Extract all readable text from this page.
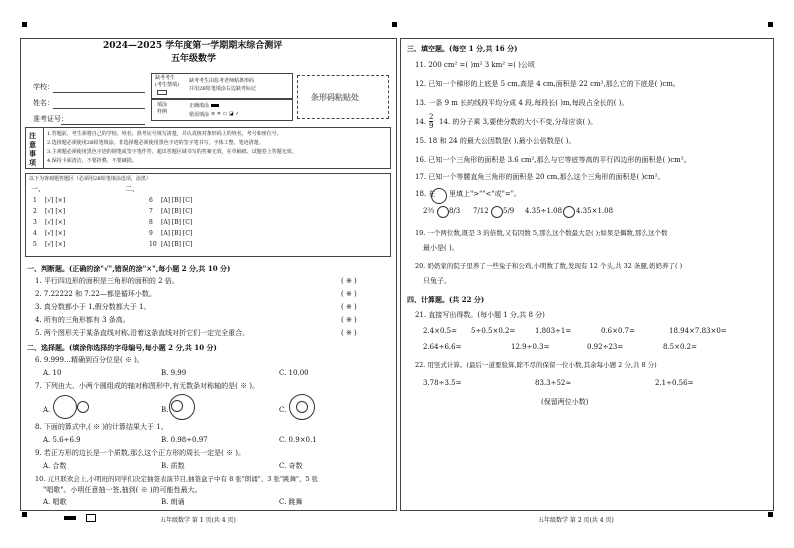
2024—2025 学年度第一学期期末综合测评
五年级数学
学校：
姓名：
准考证号：
缺考考生
(考生禁填)
缺考考生由监考老师贴条形码
并用2B铅笔填涂右边缺考标记
填涂
样例
正确填涂
错误填涂 ⊘ ✕ ▭ ◪ ✓
条形码粘贴处
注
意
事
项
1.答题前，考生须将自己的学校、姓名、准考证号填写清楚，并认真核对条形码上的姓名、考号和座位号。
2.选择题必须使用2B铅笔填涂，非选择题必须使用黑色字迹的签字笔书写，字体工整、笔迹清楚。
3.主观题必须使用黑色字迹的钢笔或签字笔作答，超出答题区域书写的答案无效，在草稿纸、试题卷上答题无效。
4.保持卡面清洁，不要折叠，不要破损。
以下为客观题答题区（必须用2B铅笔填涂选项，涂黑）
一、	二、
1 [√] [×]
2 [√] [×]
3 [√] [×]
4 [√] [×]
5 [√] [×]
6 [A] [B] [C]
7 [A] [B] [C]
8 [A] [B] [C]
9 [A] [B] [C]
10 [A] [B] [C]
一、判断题。(正确的涂"√",错误的涂"×",每小题 2 分,共 10 分)
1. 平行四边形的面积是三角形的面积的 2 倍。	( ※ )
2. 7.22222 和 7.22—都是循环小数。	( ※ )
3. 真分数都小于 1,假分数都大于 1。	( ※ )
4. 所有的三角形都有 3 条高。	( ※ )
5. 两个图形关于某条直线对称,沿着这条直线对折它们一定完全重合。	( ※ )
二、选择题。(填涂你选择的字母编号,每小题 2 分,共 10 分)
6. 9.999…精确到百分位是( ※ )。
A. 10	B. 9.99	C. 10.00
7. 下列由大、小两个圆组成的轴对称图形中,有无数条对称轴的是( ※ )。
A.	B.	C.
8. 下面的算式中,( ※ )的计算结果大于 1。
A. 5.6÷6.9	B. 0.98÷0.97	C. 0.9×0.1
9. 若正方形的边长是一个质数,那么这个正方形的周长一定是( ※ )。
A. 合数	B. 质数	C. 奇数
10. 元旦联欢会上,小明班的同学们决定抽签表演节目,抽签盒子中有 8 张"朗诵"、3 张"跳舞"、5 张
"唱歌"。小明任意抽一签,抽到( ※ )的可能性最大。
A. 唱歌	B. 朗诵	C. 跳舞
五年级数学 第 1 页(共 4 页)
三、填空题。(每空 1 分,共 16 分)
11. 200 cm² =( )m² 3 km² =( )公顷
12. 已知一个梯形的上底是 5 cm,高是 4 cm,面积是 22 cm²,那么它的下底是( )cm。
13. 一条 9 m 长的线段平均分成 4 段,每段长( )m,每段占全长的( )。
14.
2
9 14. 的分子乘 3,要使分数的大小不变,分母应该( )。
15. 18 和 24 的最大公因数是( ),最小公倍数是( )。
16. 已知一个三角形的面积是 3.6 cm²,那么与它等底等高的平行四边形的面积是( )cm²。
17. 已知一个等腰直角三角形的面积是 20 cm,那么这个三角形的面积是( )cm²。
18. 在 里填上">""<"或"="。
2⅔ 8/3 7/12 5/9 4.35÷1.08 4.35×1.08
19. 一个两位数,既是 3 的倍数,又有因数 5,那么这个数最大是( );如果是偶数,那么这个数
最小是( )。
20. 奶奶家的院子里养了一些兔子和公鸡,小明数了数,发现有 12 个头,共 32 条腿,奶奶养了( )
只兔子。
四、计算题。(共 22 分)
21. 直接写出得数。(每小题 1 分,共 8 分)
2.4×0.5= 5÷0.5×0.2=	1.803÷1=	0.6×0.7=	18.94×7.83×0=
2.64÷6.6=	12.9÷0.3=	0.92÷23=	8.5×0.2=
22. 用竖式计算。(最后一道要验算,除不尽的保留一位小数,其余每小题 2 分,共 8 分)
3.78÷3.5=	83.3÷52≈	2.1÷0.56=
(保留两位小数)
五年级数学 第 2 页(共 4 页)
